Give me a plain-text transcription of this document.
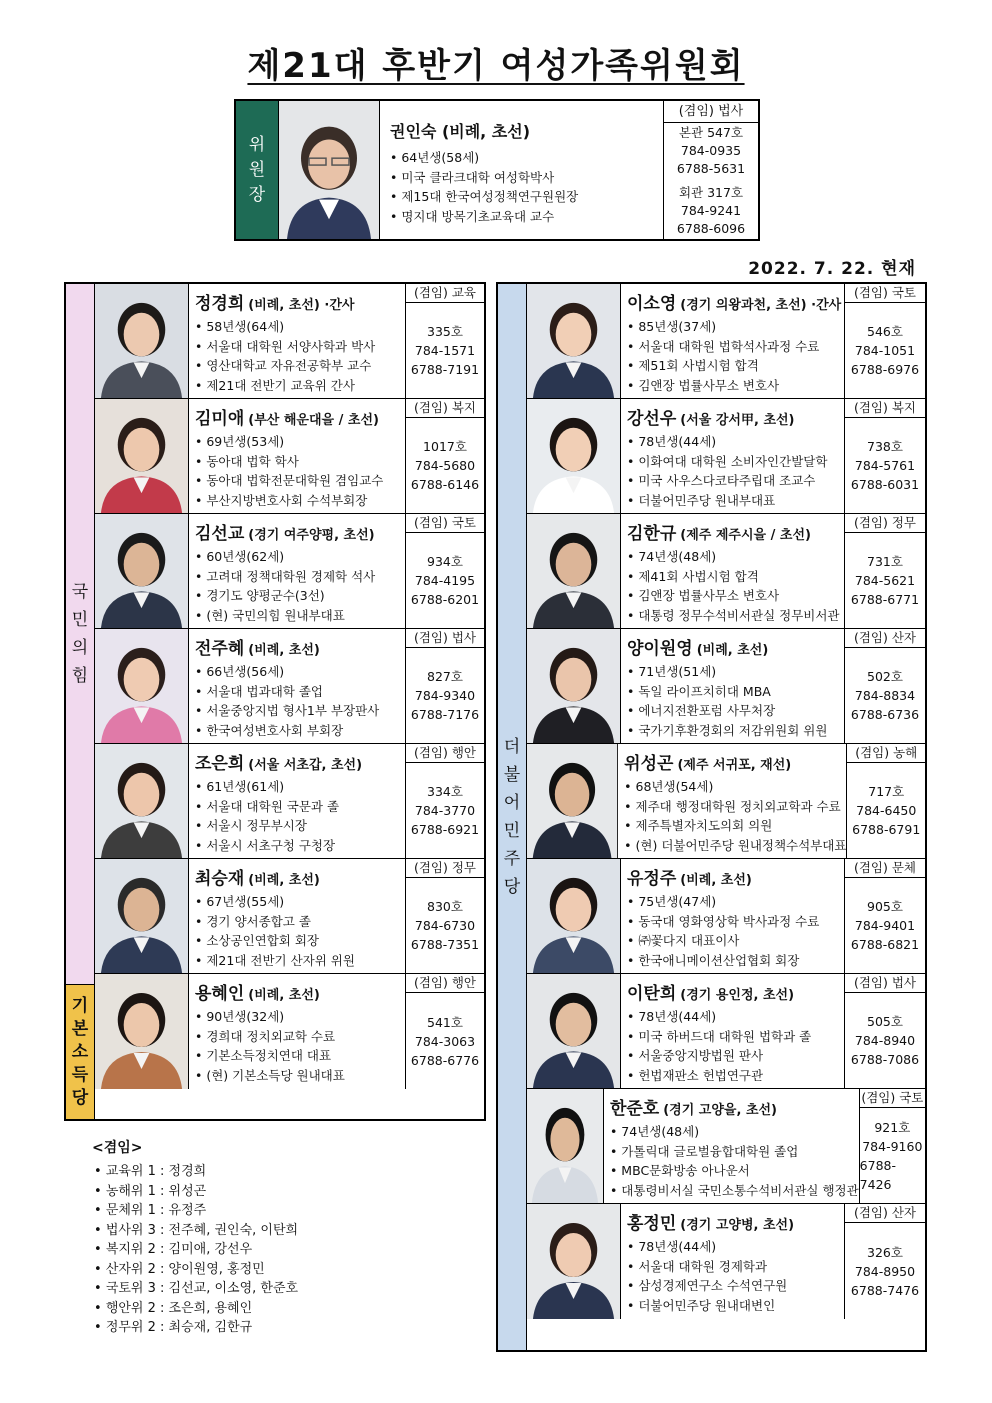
제21대 후반기 여성가족위원회
위
원
장
권인숙 (비례, 초선)
• 64년생(58세)
• 미국 클라크대학 여성학박사
• 제15대 한국여성정책연구원원장
• 명지대 방목기초교육대 교수
(겸임) 법사
본관 547호
784-0935
6788-5631
회관 317호
784-9241
6788-6096
2022. 7. 22. 현재
국
민
의
힘
기
본
소
득
당
정경희 (비례, 초선) ·간사
• 58년생(64세)
• 서울대 대학원 서양사학과 박사
• 영산대학교 자유전공학부 교수
• 제21대 전반기 교육위 간사
(겸임) 교육
335호
784-1571
6788-7191
김미애 (부산 해운대을 / 초선)
• 69년생(53세)
• 동아대 법학 학사
• 동아대 법학전문대학원 겸임교수
• 부산지방변호사회 수석부회장
(겸임) 복지
1017호
784-5680
6788-6146
김선교 (경기 여주양평, 초선)
• 60년생(62세)
• 고려대 정책대학원 경제학 석사
• 경기도 양평군수(3선)
• (현) 국민의힘 원내부대표
(겸임) 국토
934호
784-4195
6788-6201
전주혜 (비례, 초선)
• 66년생(56세)
• 서울대 법과대학 졸업
• 서울중앙지법 형사1부 부장판사
• 한국여성변호사회 부회장
(겸임) 법사
827호
784-9340
6788-7176
조은희 (서울 서초갑, 초선)
• 61년생(61세)
• 서울대 대학원 국문과 졸
• 서울시 정무부시장
• 서울시 서초구청 구청장
(겸임) 행안
334호
784-3770
6788-6921
최승재 (비례, 초선)
• 67년생(55세)
• 경기 양서종합고 졸
• 소상공인연합회 회장
• 제21대 전반기 산자위 위원
(겸임) 정무
830호
784-6730
6788-7351
용혜인 (비례, 초선)
• 90년생(32세)
• 경희대 정치외교학 수료
• 기본소득정치연대 대표
• (현) 기본소득당 원내대표
(겸임) 행안
541호
784-3063
6788-6776
더
불
어
민
주
당
이소영 (경기 의왕과천, 초선) ·간사
• 85년생(37세)
• 서울대 대학원 법학석사과정 수료
• 제51회 사법시험 합격
• 김앤장 법률사무소 변호사
(겸임) 국토
546호
784-1051
6788-6976
강선우 (서울 강서甲, 초선)
• 78년생(44세)
• 이화여대 대학원 소비자인간발달학
• 미국 사우스다코타주립대 조교수
• 더불어민주당 원내부대표
(겸임) 복지
738호
784-5761
6788-6031
김한규 (제주 제주시을 / 초선)
• 74년생(48세)
• 제41회 사법시험 합격
• 김앤장 법률사무소 변호사
• 대통령 정무수석비서관실 정무비서관
(겸임) 정무
731호
784-5621
6788-6771
양이원영 (비례, 초선)
• 71년생(51세)
• 독일 라이프치히대 MBA
• 에너지전환포럼 사무처장
• 국가기후환경회의 저감위원회 위원
(겸임) 산자
502호
784-8834
6788-6736
위성곤 (제주 서귀포, 재선)
• 68년생(54세)
• 제주대 행정대학원 정치외교학과 수료
• 제주특별자치도의회 의원
• (현) 더불어민주당 원내정책수석부대표
(겸임) 농해
717호
784-6450
6788-6791
유정주 (비례, 초선)
• 75년생(47세)
• 동국대 영화영상학 박사과정 수료
• ㈜꽃다지 대표이사
• 한국애니메이션산업협회 회장
(겸임) 문체
905호
784-9401
6788-6821
이탄희 (경기 용인정, 초선)
• 78년생(44세)
• 미국 하버드대 대학원 법학과 졸
• 서울중앙지방법원 판사
• 헌법재판소 헌법연구관
(겸임) 법사
505호
784-8940
6788-7086
한준호 (경기 고양을, 초선)
• 74년생(48세)
• 가톨릭대 글로벌융합대학원 졸업
• MBC문화방송 아나운서
• 대통령비서실 국민소통수석비서관실 행정관
(겸임) 국토
921호
784-9160
6788-7426
홍정민 (경기 고양병, 초선)
• 78년생(44세)
• 서울대 대학원 경제학과
• 삼성경제연구소 수석연구원
• 더불어민주당 원내대변인
(겸임) 산자
326호
784-8950
6788-7476
<겸임>
• 교육위 1 : 정경희
• 농해위 1 : 위성곤
• 문체위 1 : 유정주
• 법사위 3 : 전주혜, 권인숙, 이탄희
• 복지위 2 : 김미애, 강선우
• 산자위 2 : 양이원영, 홍정민
• 국토위 3 : 김선교, 이소영, 한준호
• 행안위 2 : 조은희, 용혜인
• 정무위 2 : 최승재, 김한규
